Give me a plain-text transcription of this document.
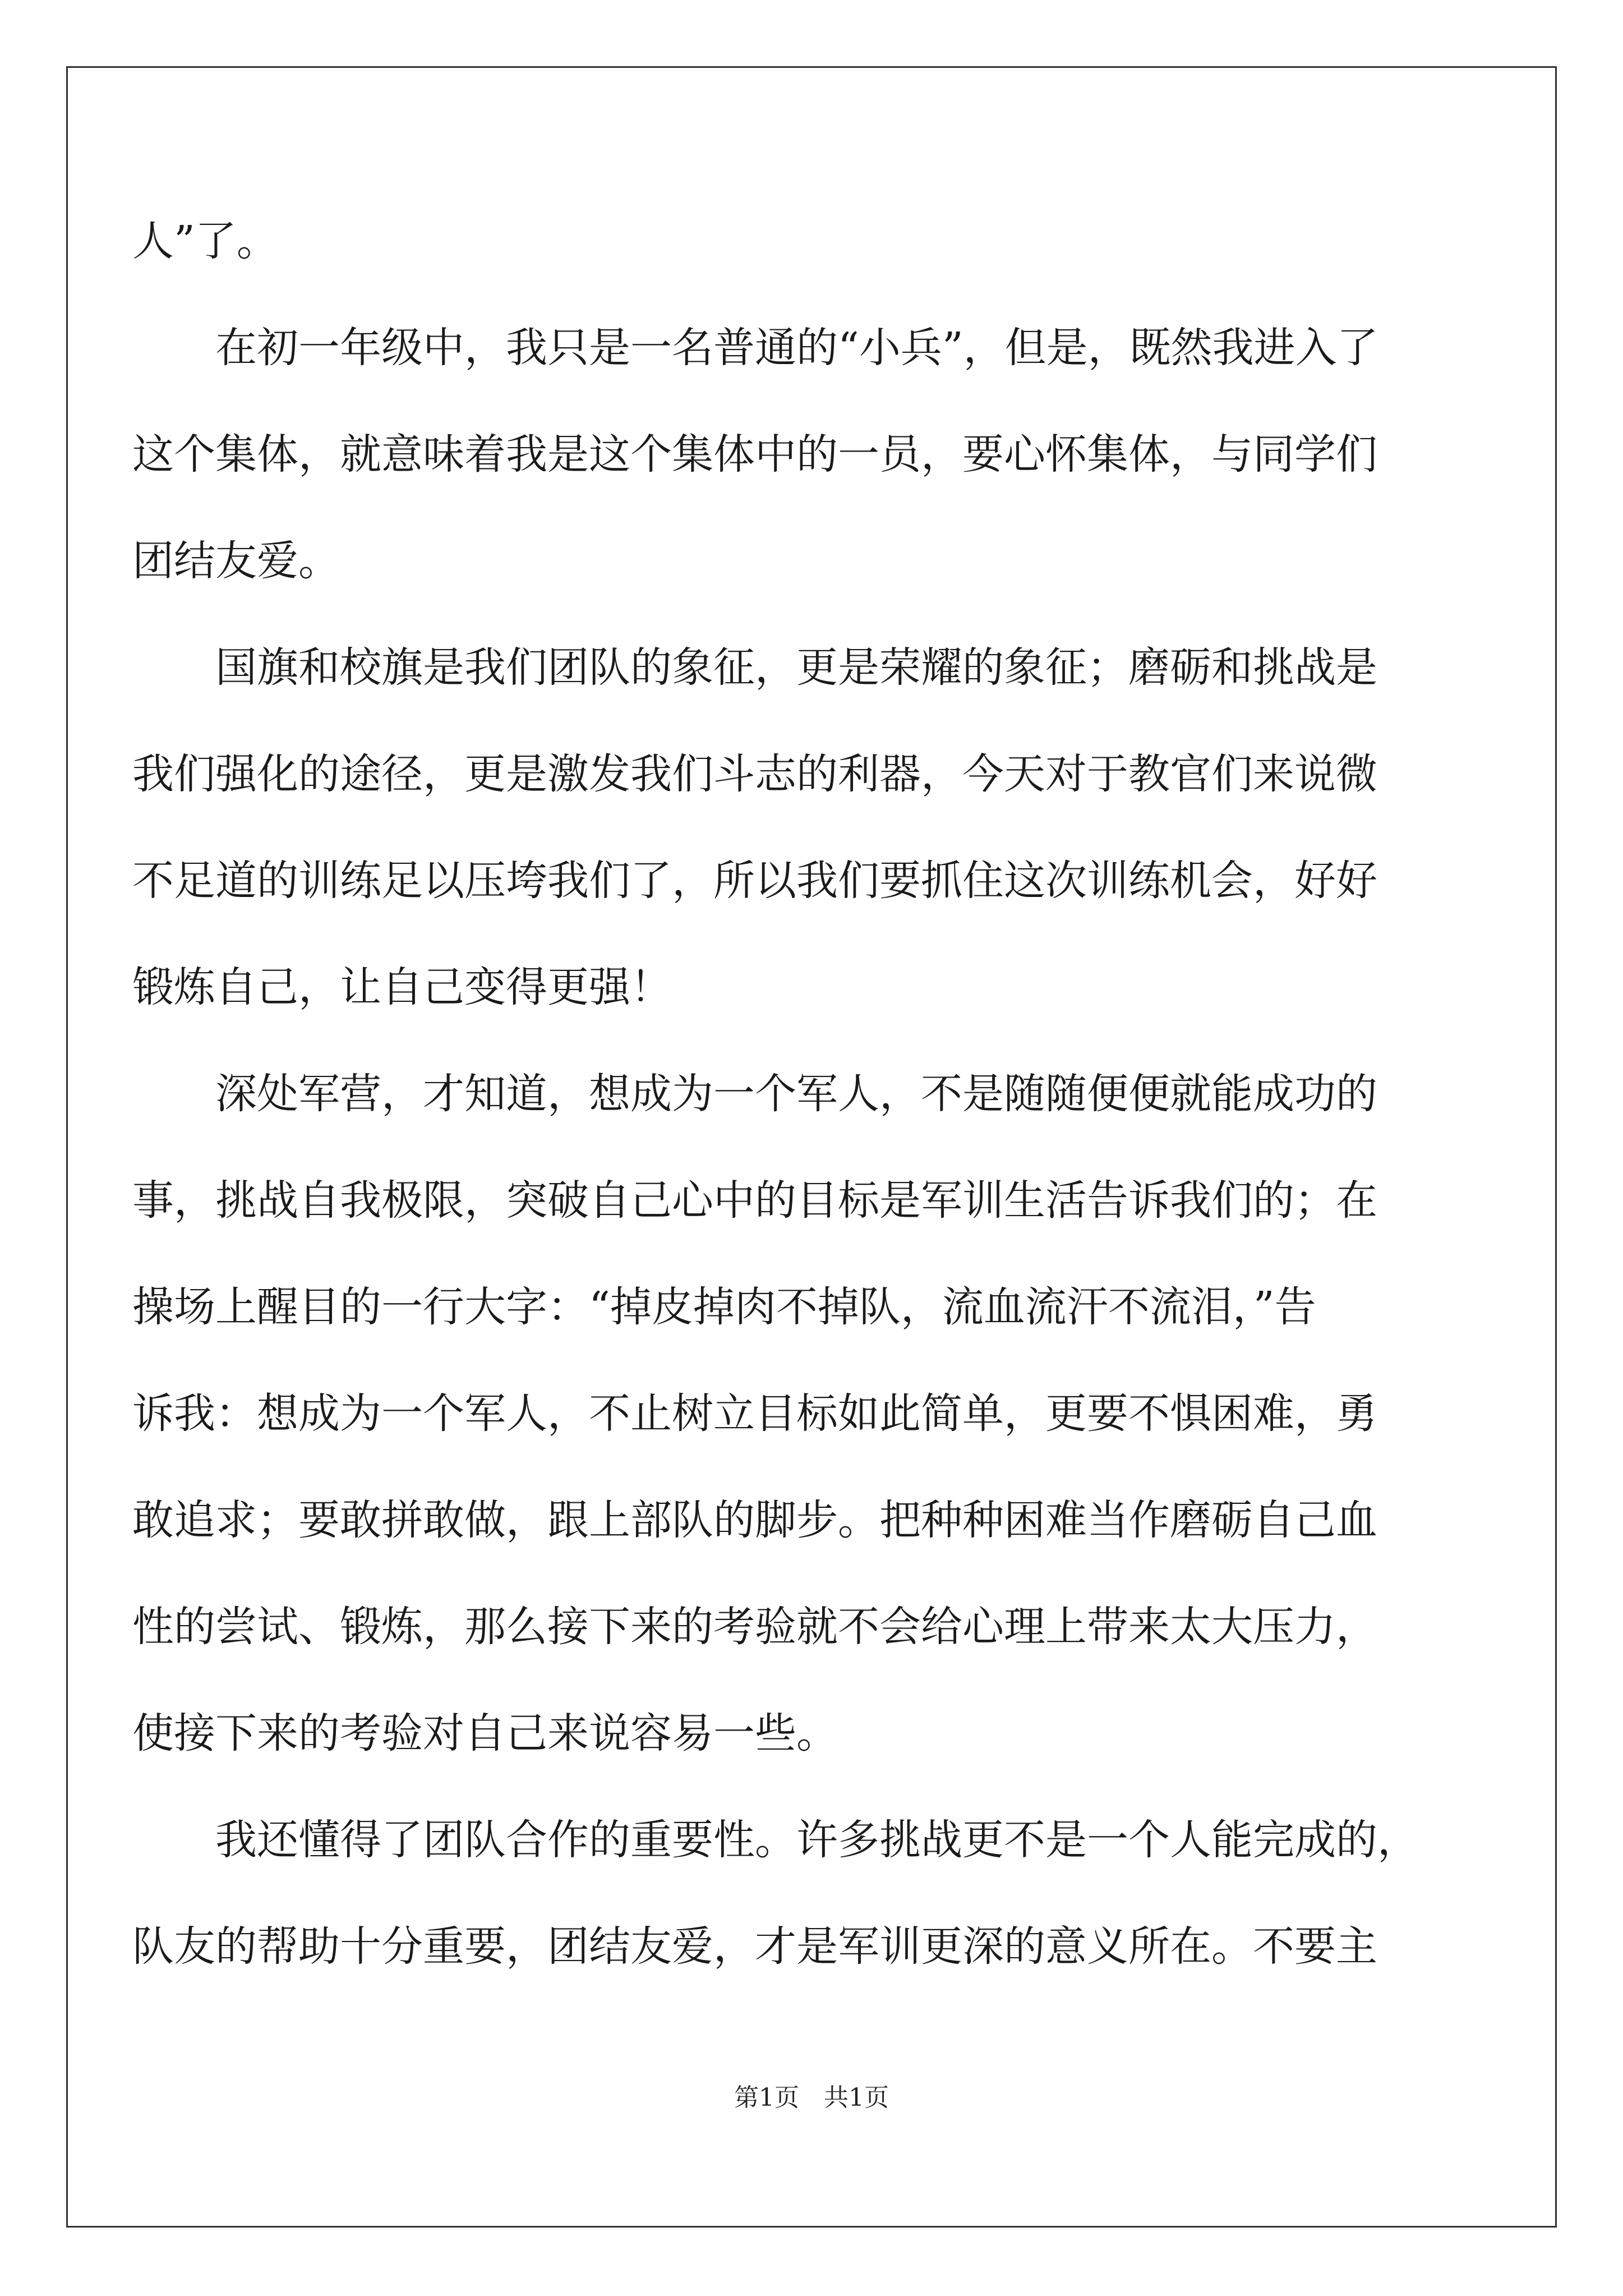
人”了。
在初一年级中，我只是一名普通的“小兵”，但是，既然我进入了
这个集体，就意味着我是这个集体中的一员，要心怀集体，与同学们
团结友爱。
国旗和校旗是我们团队的象征，更是荣耀的象征；磨砺和挑战是
我们强化的途径，更是激发我们斗志的利器，今天对于教官们来说微
不足道的训练足以压垮我们了，所以我们要抓住这次训练机会，好好
锻炼自己，让自己变得更强！
深处军营，才知道，想成为一个军人，不是随随便便就能成功的
事，挑战自我极限，突破自己心中的目标是军训生活告诉我们的；在
操场上醒目的一行大字：“掉皮掉肉不掉队，流血流汗不流泪，”告
诉我：想成为一个军人，不止树立目标如此简单，更要不惧困难，勇
敢追求；要敢拼敢做，跟上部队的脚步。把种种困难当作磨砺自己血
性的尝试、锻炼，那么接下来的考验就不会给心理上带来太大压力，
使接下来的考验对自己来说容易一些。
我还懂得了团队合作的重要性。许多挑战更不是一个人能完成的，
队友的帮助十分重要，团结友爱，才是军训更深的意义所在。不要主
第1页　共1页
